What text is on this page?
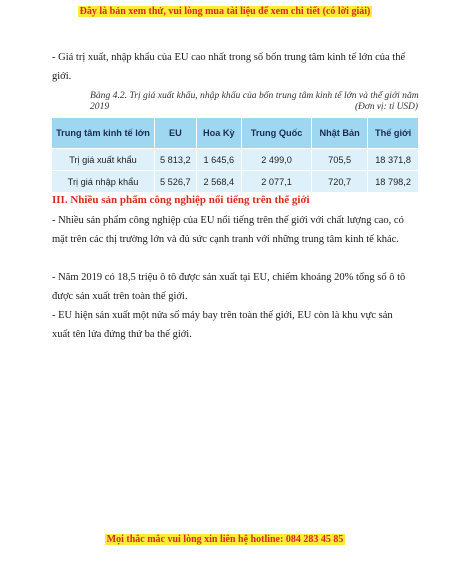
Đây là bản xem thử, vui lòng mua tài liệu để xem chi tiết (có lời giải)
- Giá trị xuất, nhập khẩu của EU cao nhất trong số bốn trung tâm kinh tế lớn của thế giới.
Bảng 4.2. Trị giá xuất khẩu, nhập khẩu của bốn trung tâm kinh tế lớn và thế giới năm 2019	(Đơn vị: tỉ USD)
Trung tâm kinh tế lớn	EU	Hoa Kỳ	Trung Quốc	Nhật Bản	Thế giới
Trị giá xuất khẩu	5 813,2	1 645,6	2 499,0	705,5	18 371,8
Trị giá nhập khẩu	5 526,7	2 568,4	2 077,1	720,7	18 798,2
III. Nhiều sản phẩm công nghiệp nổi tiếng trên thế giới
- Nhiều sản phẩm công nghiệp của EU nổi tiếng trên thế giới với chất lượng cao, có mặt trên các thị trường lớn và đủ sức cạnh tranh với những trung tâm kinh tế khác.
- Năm 2019 có 18,5 triệu ô tô được sản xuất tại EU, chiếm khoảng 20% tổng số ô tô được sản xuất trên toàn thế giới.
- EU hiện sản xuất một nửa số máy bay trên toàn thế giới, EU còn là khu vực sản xuất tên lửa đứng thứ ba thế giới.
Mọi thắc mắc vui lòng xin liên hệ hotline: 084 283 45 85
